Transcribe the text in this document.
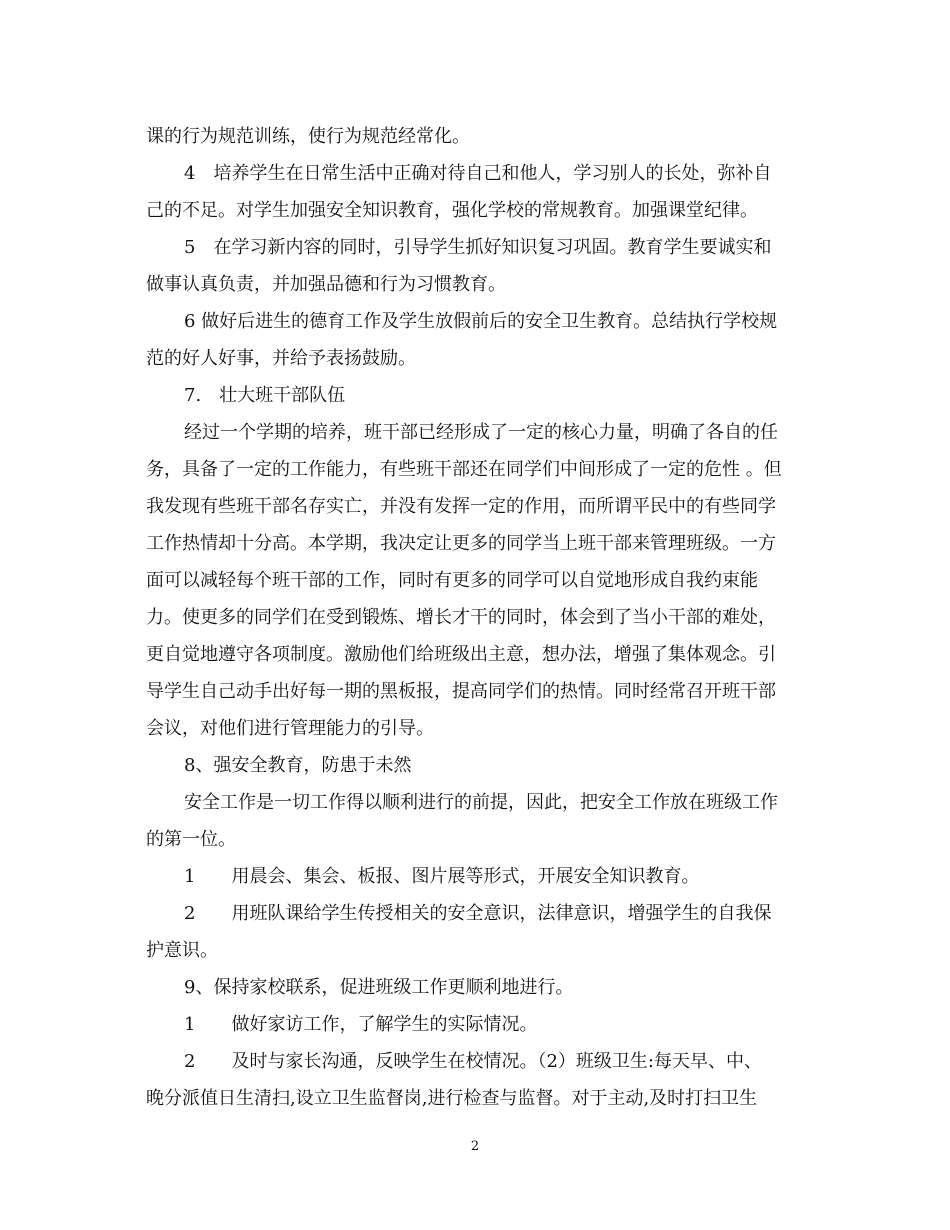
课的行为规范训练，使行为规范经常化。
4　培养学生在日常生活中正确对待自己和他人，学习别人的长处，弥补自
己的不足。对学生加强安全知识教育，强化学校的常规教育。加强课堂纪律。
5　在学习新内容的同时，引导学生抓好知识复习巩固。教育学生要诚实和
做事认真负责，并加强品德和行为习惯教育。
6 做好后进生的德育工作及学生放假前后的安全卫生教育。总结执行学校规
范的好人好事，并给予表扬鼓励。
7.　壮大班干部队伍
经过一个学期的培养，班干部已经形成了一定的核心力量，明确了各自的任
务，具备了一定的工作能力，有些班干部还在同学们中间形成了一定的危性 。但
我发现有些班干部名存实亡，并没有发挥一定的作用，而所谓平民中的有些同学
工作热情却十分高。本学期，我决定让更多的同学当上班干部来管理班级。一方
面可以减轻每个班干部的工作，同时有更多的同学可以自觉地形成自我约束能
力。使更多的同学们在受到锻炼、增长才干的同时，体会到了当小干部的难处，
更自觉地遵守各项制度。激励他们给班级出主意，想办法，增强了集体观念。引
导学生自己动手出好每一期的黑板报，提高同学们的热情。同时经常召开班干部
会议，对他们进行管理能力的引导。
8、强安全教育，防患于未然
安全工作是一切工作得以顺利进行的前提，因此，把安全工作放在班级工作
的第一位。
1　　用晨会、集会、板报、图片展等形式，开展安全知识教育。
2　　用班队课给学生传授相关的安全意识，法律意识，增强学生的自我保
护意识。
9、保持家校联系，促进班级工作更顺利地进行。
1　　做好家访工作，了解学生的实际情况。
2　　及时与家长沟通，反映学生在校情况。（2）班级卫生:每天早、中、
晚分派值日生清扫,设立卫生监督岗,进行检查与监督。对于主动,及时打扫卫生
2
